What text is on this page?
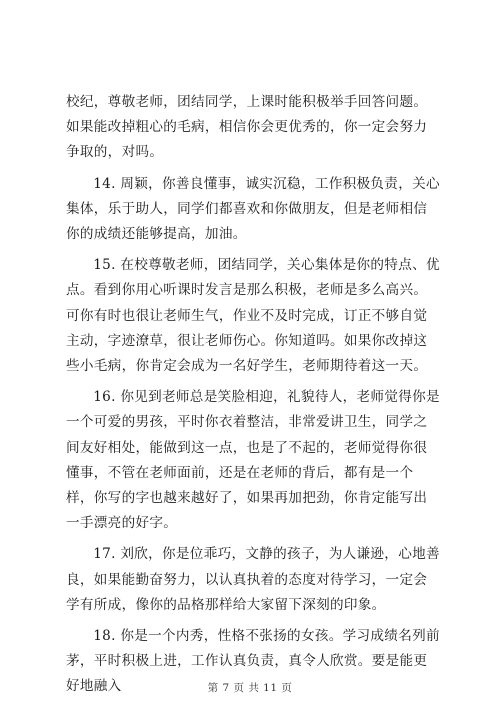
校纪，尊敬老师，团结同学，上课时能积极举手回答问题。如果能改掉粗心的毛病，相信你会更优秀的，你一定会努力争取的，对吗。

14. 周颖，你善良懂事，诚实沉稳，工作积极负责，关心集体，乐于助人，同学们都喜欢和你做朋友，但是老师相信你的成绩还能够提高，加油。

15. 在校尊敬老师，团结同学，关心集体是你的特点、优点。看到你用心听课时发言是那么积极，老师是多么高兴。可你有时也很让老师生气，作业不及时完成，订正不够自觉主动，字迹潦草，很让老师伤心。你知道吗。如果你改掉这些小毛病，你肯定会成为一名好学生，老师期待着这一天。

16. 你见到老师总是笑脸相迎，礼貌待人，老师觉得你是一个可爱的男孩，平时你衣着整洁，非常爱讲卫生，同学之间友好相处，能做到这一点，也是了不起的，老师觉得你很懂事，不管在老师面前，还是在老师的背后，都有是一个样，你写的字也越来越好了，如果再加把劲，你肯定能写出一手漂亮的好字。

17. 刘欣，你是位乖巧，文静的孩子，为人谦逊，心地善良，如果能勤奋努力，以认真执着的态度对待学习，一定会学有所成，像你的品格那样给大家留下深刻的印象。

18. 你是一个内秀，性格不张扬的女孩。学习成绩名列前茅，平时积极上进，工作认真负责，真令人欣赏。要是能更好地融入	第 7 页 共 11 页
